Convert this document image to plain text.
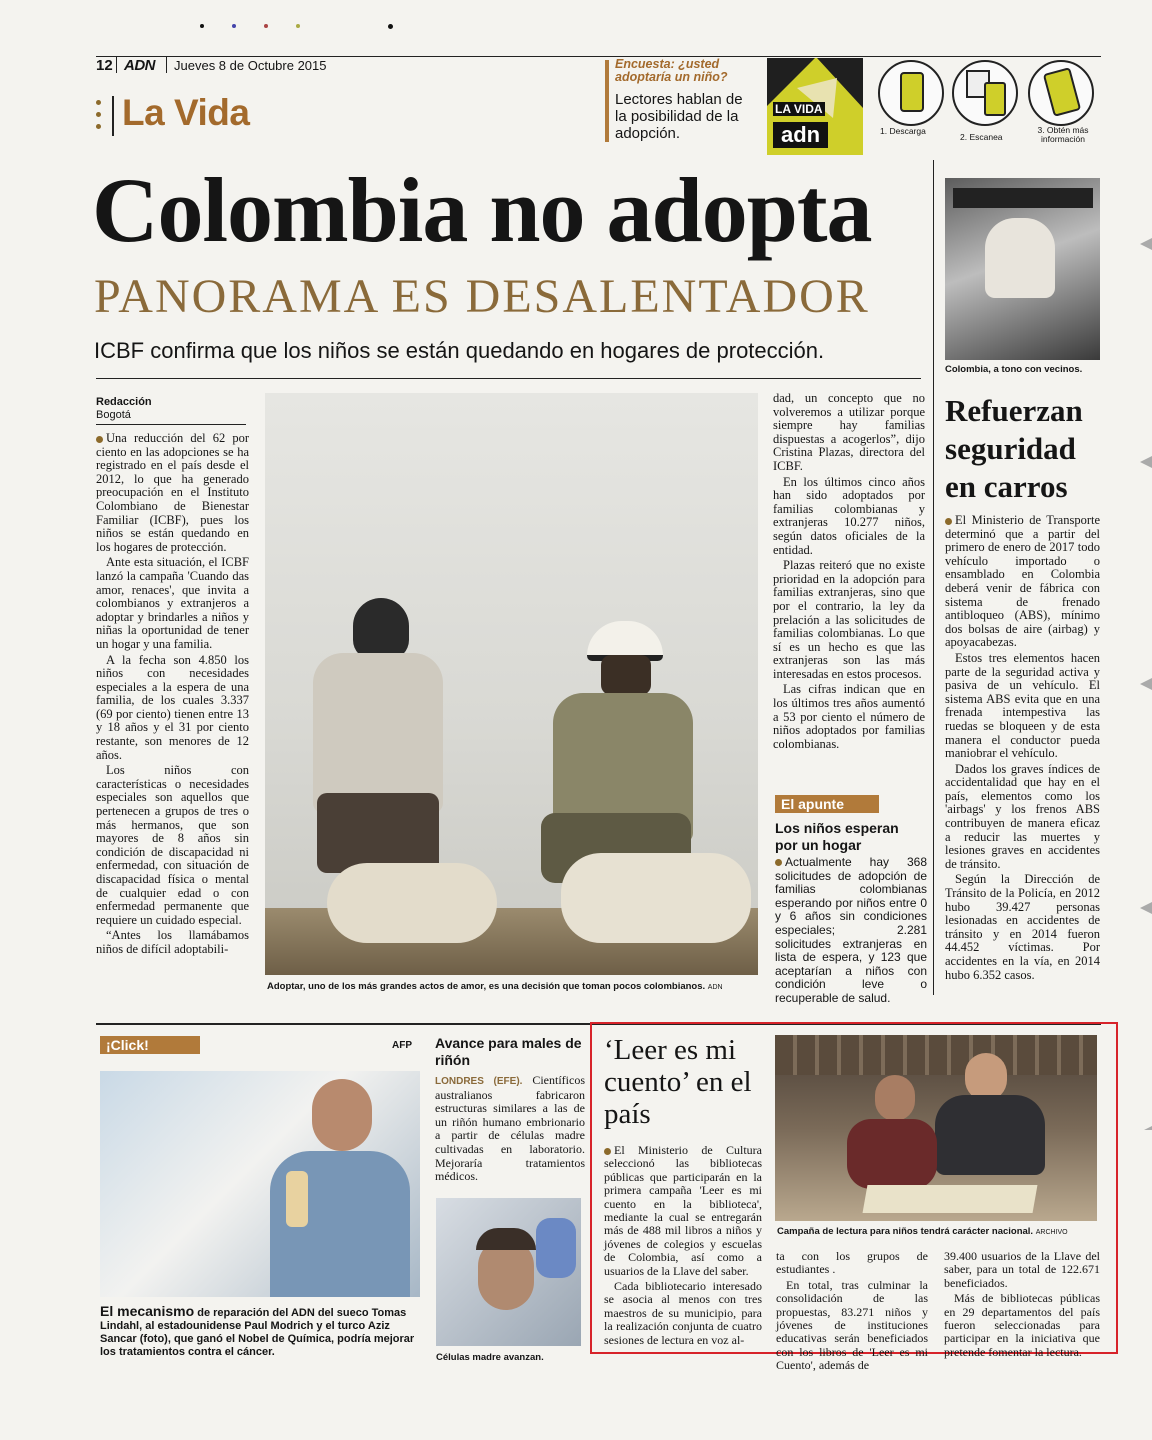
12 ADN Jueves 8 de Octubre 2015
La Vida
Encuesta: ¿usted adoptaría un niño?
Lectores hablan de la posibilidad de la adopción.
LA VIDA
adn	1. Descarga
2. Escanea
3. Obtén más información
Colombia no adopta
PANORAMA ES DESALENTADOR
ICBF confirma que los niños se están quedando en hogares de protección.
Colombia, a tono con vecinos.
Redacción
Bogotá

Una reducción del 62 por ciento en las adopciones se ha registrado en el país desde el 2012, lo que ha generado preocupación en el Instituto Colombiano de Bienestar Familiar (ICBF), pues los niños se están quedando en los hogares de protección.

Ante esta situación, el ICBF lanzó la campaña 'Cuando das amor, renaces', que invita a colombianos y extranjeros a adoptar y brindarles a niños y niñas la oportunidad de tener un hogar y una familia.

A la fecha son 4.850 los niños con necesidades especiales a la espera de una familia, de los cuales 3.337 (69 por ciento) tienen entre 13 y 18 años y el 31 por ciento restante, son menores de 12 años.

Los niños con características o necesidades especiales son aquellos que pertenecen a grupos de tres o más hermanos, que son mayores de 8 años sin condición de discapacidad ni enfermedad, con situación de discapacidad física o mental de cualquier edad o con enfermedad permanente que requiere un cuidado especial.

“Antes los llamábamos niños de difícil adoptabili-

Adoptar, uno de los más grandes actos de amor, es una decisión que toman pocos colombianos. ADN

dad, un concepto que no volveremos a utilizar porque siempre hay familias dispuestas a acogerlos”, dijo Cristina Plazas, directora del ICBF.

En los últimos cinco años han sido adoptados por familias colombianas y extranjeras 10.277 niños, según datos oficiales de la entidad.

Plazas reiteró que no existe prioridad en la adopción para familias extranjeras, sino que por el contrario, la ley da prelación a las solicitudes de familias colombianas. Lo que sí es un hecho es que las extranjeras son las más interesadas en estos procesos.

Las cifras indican que en los últimos tres años aumentó a 53 por ciento el número de niños adoptados por familias colombianas.

El apunte
Los niños esperan por un hogar

Actualmente hay 368 solicitudes de adopción de familias colombianas esperando por niños entre 0 y 6 años sin condiciones especiales; 2.281 solicitudes extranjeras en lista de espera, y 123 que aceptarían a niños con condición leve o recuperable de salud.

Refuerzan seguridad en carros

El Ministerio de Transporte determinó que a partir del primero de enero de 2017 todo vehículo importado o ensamblado en Colombia deberá venir de fábrica con sistema de frenado antibloqueo (ABS), mínimo dos bolsas de aire (airbag) y apoyacabezas.

Estos tres elementos hacen parte de la seguridad activa y pasiva de un vehículo. El sistema ABS evita que en una frenada intempestiva las ruedas se bloqueen y de esta manera el conductor pueda maniobrar el vehículo.

Dados los graves índices de accidentalidad que hay en el país, elementos como los 'airbags' y los frenos ABS contribuyen de manera eficaz a reducir las muertes y lesiones graves en accidentes de tránsito.

Según la Dirección de Tránsito de la Policía, en 2012 hubo 39.427 personas lesionadas en accidentes de tránsito y en 2014 fueron 44.452 víctimas. Por accidentes en la vía, en 2014 hubo 6.352 casos.

¡Click!	AFP
El mecanismo de reparación del ADN del sueco Tomas Lindahl, al estadounidense Paul Modrich y el turco Aziz Sancar (foto), que ganó el Nobel de Química, podría mejorar los tratamientos contra el cáncer.
Avance para males de riñón

LONDRES (EFE). Científicos australianos fabricaron estructuras similares a las de un riñón humano embrionario a partir de células madre cultivadas en laboratorio. Mejoraría tratamientos médicos.

Células madre avanzan.
‘Leer es mi cuento’ en el país

El Ministerio de Cultura seleccionó las bibliotecas públicas que participarán en la primera campaña 'Leer es mi cuento en la biblioteca', mediante la cual se entregarán más de 488 mil libros a niños y jóvenes de colegios y escuelas de Colombia, así como a usuarios de la Llave del saber.

Cada bibliotecario interesado se asocia al menos con tres maestros de su municipio, para la realización conjunta de cuatro sesiones de lectura en voz al-

Campaña de lectura para niños tendrá carácter nacional. ARCHIVO

ta con los grupos de estudiantes .

En total, tras culminar la consolidación de las propuestas, 83.271 niños y jóvenes de instituciones educativas serán beneficiados con los libros de 'Leer es mi Cuento', además de

39.400 usuarios de la Llave del saber, para un total de 122.671 beneficiados.

Más de bibliotecas públicas en 29 departamentos del país fueron seleccionadas para participar en la iniciativa que pretende fomentar la lectura.
